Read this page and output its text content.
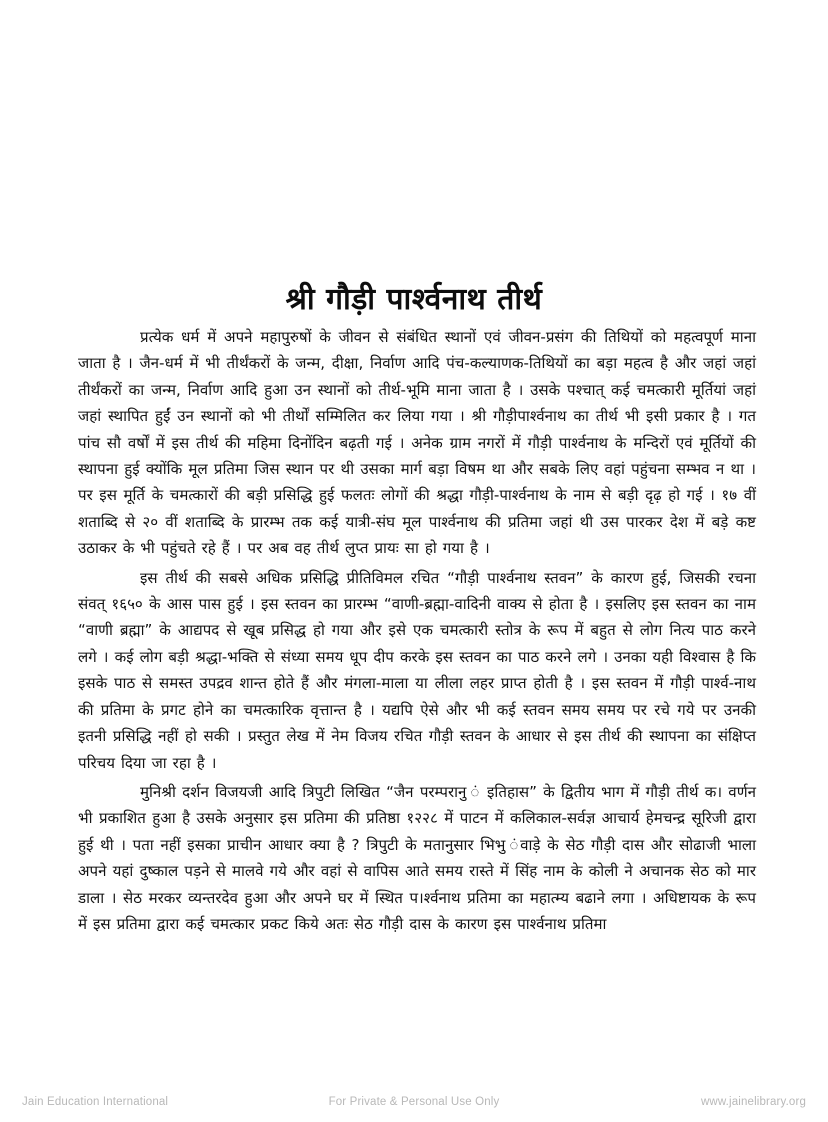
श्री गौड़ी पार्श्वनाथ तीर्थ

प्रत्येक धर्म में अपने महापुरुषों के जीवन से संबंधित स्थानों एवं जीवन-प्रसंग की तिथियों को महत्वपूर्ण माना जाता है । जैन-धर्म में भी तीर्थंकरों के जन्म, दीक्षा, निर्वाण आदि पंच-कल्याणक-तिथियों का बड़ा महत्व है और जहां जहां तीर्थंकरों का जन्म, निर्वाण आदि हुआ उन स्थानों को तीर्थ-भूमि माना जाता है । उसके पश्चात् कई चमत्कारी मूर्तियां जहां जहां स्थापित हुईं उन स्थानों को भी तीर्थों सम्मिलित कर लिया गया । श्री गौड़ीपार्श्वनाथ का तीर्थ भी इसी प्रकार है । गत पांच सौ वर्षों में इस तीर्थ की महिमा दिनोंदिन बढ़ती गई । अनेक ग्राम नगरों में गौड़ी पार्श्वनाथ के मन्दिरों एवं मूर्तियों की स्थापना हुई क्योंकि मूल प्रतिमा जिस स्थान पर थी उसका मार्ग बड़ा विषम था और सबके लिए वहां पहुंचना सम्भव न था । पर इस मूर्ति के चमत्कारों की बड़ी प्रसिद्धि हुई फलतः लोगों की श्रद्धा गौड़ी-पार्श्वनाथ के नाम से बड़ी दृढ़ हो गई । १७ वीं शताब्दि से २० वीं शताब्दि के प्रारम्भ तक कई यात्री-संघ मूल पार्श्वनाथ की प्रतिमा जहां थी उस पारकर देश में बड़े कष्ट उठाकर के भी पहुंचते रहे हैं । पर अब वह तीर्थ लुप्त प्रायः सा हो गया है ।

इस तीर्थ की सबसे अधिक प्रसिद्धि प्रीतिविमल रचित “गौड़ी पार्श्वनाथ स्तवन” के कारण हुई, जिसकी रचना संवत् १६५० के आस पास हुई । इस स्तवन का प्रारम्भ “वाणी-ब्रह्मा-वादिनी वाक्य से होता है । इसलिए इस स्तवन का नाम “वाणी ब्रह्मा” के आद्यपद से खूब प्रसिद्ध हो गया और इसे एक चमत्कारी स्तोत्र के रूप में बहुत से लोग नित्य पाठ करने लगे । कई लोग बड़ी श्रद्धा-भक्ति से संध्या समय धूप दीप करके इस स्तवन का पाठ करने लगे । उनका यही विश्वास है कि इसके पाठ से समस्त उपद्रव शान्त होते हैं और मंगला-माला या लीला लहर प्राप्त होती है । इस स्तवन में गौड़ी पार्श्व-नाथ की प्रतिमा के प्रगट होने का चमत्कारिक वृत्तान्त है । यद्यपि ऐसे और भी कई स्तवन समय समय पर रचे गये पर उनकी इतनी प्रसिद्धि नहीं हो सकी । प्रस्तुत लेख में नेम विजय रचित गौड़ी स्तवन के आधार से इस तीर्थ की स्थापना का संक्षिप्त परिचय दिया जा रहा है ।

मुनिश्री दर्शन विजयजी आदि त्रिपुटी लिखित “जैन परम्परानु ं इतिहास” के द्वितीय भाग में गौड़ी तीर्थ क। वर्णन भी प्रकाशित हुआ है उसके अनुसार इस प्रतिमा की प्रतिष्ठा १२२८ में पाटन में कलिकाल-सर्वज्ञ आचार्य हेमचन्द्र सूरिजी द्वारा हुई थी । पता नहीं इसका प्राचीन आधार क्या है ? त्रिपुटी के मतानुसार भिभु ंवाड़े के सेठ गौड़ी दास और सोढाजी भाला अपने यहां दुष्काल पड़ने से मालवे गये और वहां से वापिस आते समय रास्ते में सिंह नाम के कोली ने अचानक सेठ को मार डाला । सेठ मरकर व्यन्तरदेव हुआ और अपने घर में स्थित प।र्श्वनाथ प्रतिमा का महात्म्य बढाने लगा । अधिष्टायक के रूप में इस प्रतिमा द्वारा कई चमत्कार प्रकट किये अतः सेठ गौड़ी दास के कारण इस पार्श्वनाथ प्रतिमा

Jain Education International	For Private & Personal Use Only	www.jainelibrary.org
